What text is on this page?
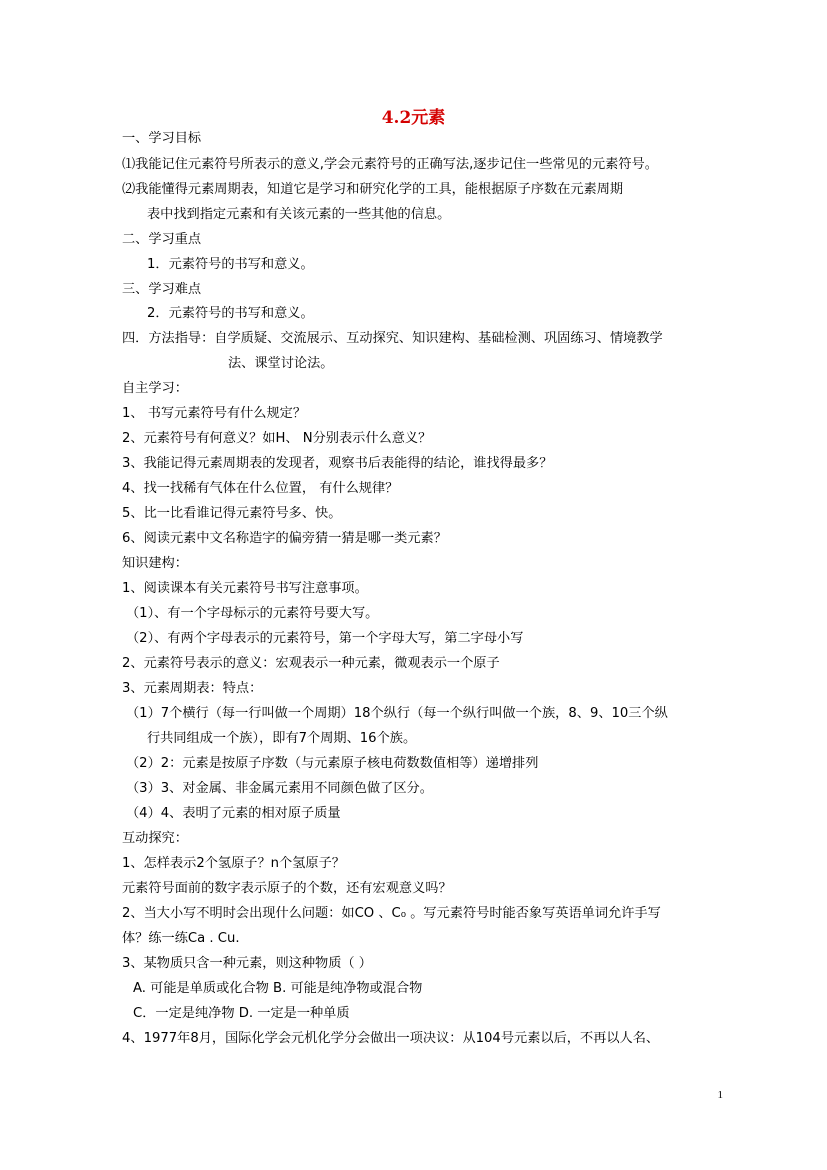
4.2元素
一、学习目标
⑴我能记住元素符号所表示的意义,学会元素符号的正确写法,逐步记住一些常见的元素符号。
⑵我能懂得元素周期表，知道它是学习和研究化学的工具，能根据原子序数在元素周期
表中找到指定元素和有关该元素的一些其他的信息。
二、学习重点
1．元素符号的书写和意义。
三、学习难点
2．元素符号的书写和意义。
四．方法指导：自学质疑、交流展示、互动探究、知识建构、基础检测、巩固练习、情境教学
法、课堂讨论法。
自主学习：
1、 书写元素符号有什么规定？
2、元素符号有何意义？如H、 N分别表示什么意义？
3、我能记得元素周期表的发现者，观察书后表能得的结论，谁找得最多？
4、找一找稀有气体在什么位置， 有什么规律？
5、比一比看谁记得元素符号多、快。
6、阅读元素中文名称造字的偏旁猜一猜是哪一类元素？
知识建构：
1、阅读课本有关元素符号书写注意事项。
（1）、有一个字母标示的元素符号要大写。
（2）、有两个字母表示的元素符号，第一个字母大写，第二字母小写
2、元素符号表示的意义：宏观表示一种元素，微观表示一个原子
3、元素周期表：特点：
（1）7个横行（每一行叫做一个周期）18个纵行（每一个纵行叫做一个族，8、9、10三个纵
行共同组成一个族），即有7个周期、16个族。
（2）2：元素是按原子序数（与元素原子核电荷数数值相等）递增排列
（3）3、对金属、非金属元素用不同颜色做了区分。
（4）4、表明了元素的相对原子质量
互动探究：
1、怎样表示2个氢原子？n个氢原子？
元素符号面前的数字表示原子的个数，还有宏观意义吗？
2、当大小写不明时会出现什么问题：如CO 、C₀ 。写元素符号时能否象写英语单词允许手写
体？练一练Ca . Cu.
3、某物质只含一种元素，则这种物质（ ）
A. 可能是单质或化合物 B. 可能是纯净物或混合物
C．一定是纯净物 D. 一定是一种单质
4、1977年8月，国际化学会元机化学分会做出一项决议：从104号元素以后，不再以人名、
1
